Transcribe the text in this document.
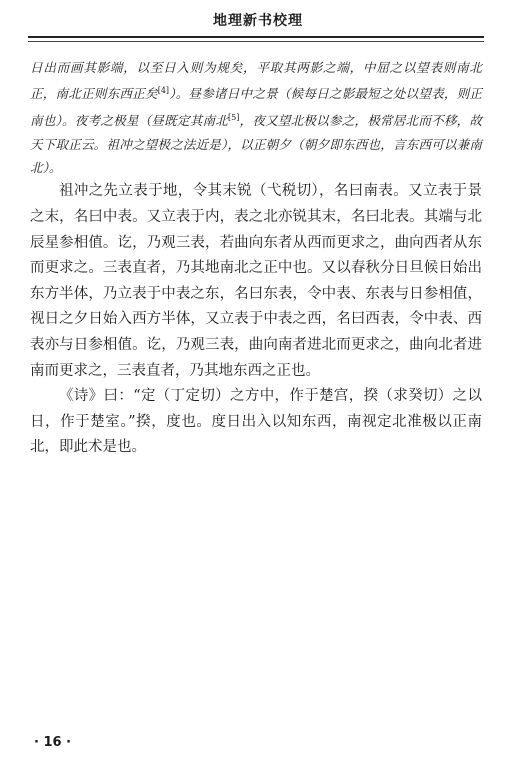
地理新书校理

日出而画其影端，以至日入则为规矣，平取其两影之端，中屈之以望表则南北正，南北正则东西正矣[4]）。昼参诸日中之景（候每日之影最短之处以望表，则正南也）。夜考之极星（昼既定其南北[5]，夜又望北极以参之，极常居北而不移，故天下取正云。祖冲之望极之法近是），以正朝夕（朝夕即东西也，言东西可以兼南北）。

祖冲之先立表于地，令其末锐（弋税切），名曰南表。又立表于景之末，名曰中表。又立表于内，表之北亦锐其末，名曰北表。其端与北辰星参相值。讫，乃观三表，若曲向东者从西而更求之，曲向西者从东而更求之。三表直者，乃其地南北之正中也。又以春秋分日旦候日始出东方半体，乃立表于中表之东，名曰东表，令中表、东表与日参相值，视日之夕日始入西方半体，又立表于中表之西，名曰西表，令中表、西表亦与日参相值。讫，乃观三表，曲向南者进北而更求之，曲向北者进南而更求之，三表直者，乃其地东西之正也。

《诗》曰：“定（丁定切）之方中，作于楚宫，揆（求癸切）之以日，作于楚室。”揆，度也。度日出入以知东西，南视定北准极以正南北，即此术是也。

· 16 ·
